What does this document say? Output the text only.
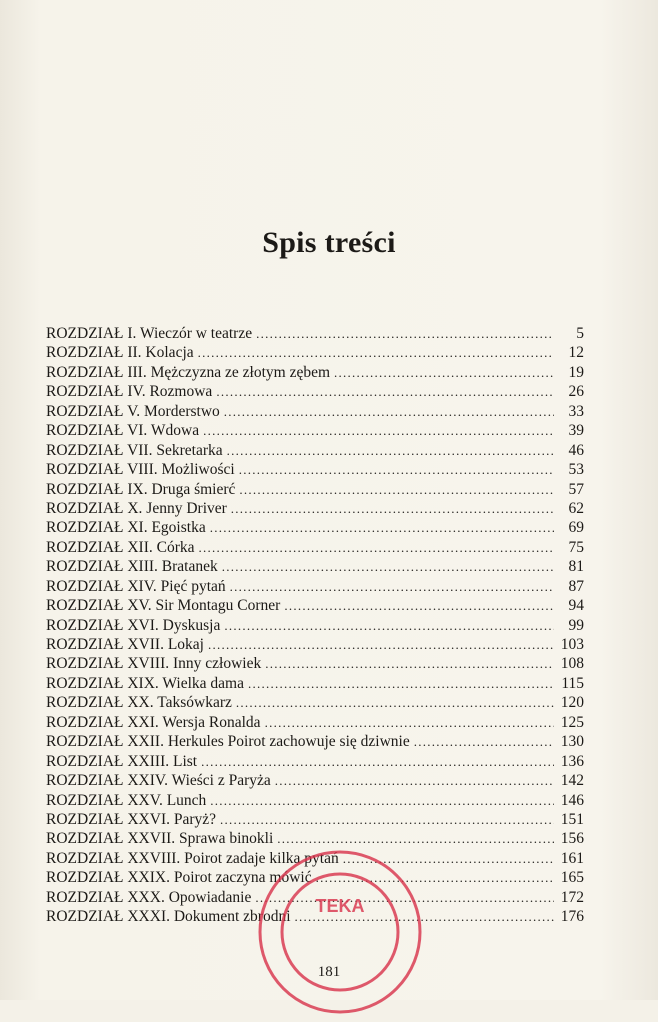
Spis treści
ROZDZIAŁ I. Wieczór w teatrze . . .	5
ROZDZIAŁ II. Kolacja . . .	12
ROZDZIAŁ III. Mężczyzna ze złotym zębem . . .	19
ROZDZIAŁ IV. Rozmowa . . .	26
ROZDZIAŁ V. Morderstwo . . .	33
ROZDZIAŁ VI. Wdowa . . .	39
ROZDZIAŁ VII. Sekretarka . . .	46
ROZDZIAŁ VIII. Możliwości . . .	53
ROZDZIAŁ IX. Druga śmierć . . .	57
ROZDZIAŁ X. Jenny Driver . . .	62
ROZDZIAŁ XI. Egoistka . . .	69
ROZDZIAŁ XII. Córka . . .	75
ROZDZIAŁ XIII. Bratanek . . .	81
ROZDZIAŁ XIV. Pięć pytań . . .	87
ROZDZIAŁ XV. Sir Montagu Corner . . .	94
ROZDZIAŁ XVI. Dyskusja . . .	99
ROZDZIAŁ XVII. Lokaj . . .	103
ROZDZIAŁ XVIII. Inny człowiek . . .	108
ROZDZIAŁ XIX. Wielka dama . . .	115
ROZDZIAŁ XX. Taksówkarz . . .	120
ROZDZIAŁ XXI. Wersja Ronalda . . .	125
ROZDZIAŁ XXII. Herkules Poirot zachowuje się dziwnie . . .	130
ROZDZIAŁ XXIII. List . . .	136
ROZDZIAŁ XXIV. Wieści z Paryża . . .	142
ROZDZIAŁ XXV. Lunch . . .	146
ROZDZIAŁ XXVI. Paryż? . . .	151
ROZDZIAŁ XXVII. Sprawa binokli . . .	156
ROZDZIAŁ XXVIII. Poirot zadaje kilka pytań . . .	161
ROZDZIAŁ XXIX. Poirot zaczyna mówić . . .	165
ROZDZIAŁ XXX. Opowiadanie . . .	172
ROZDZIAŁ XXXI. Dokument zbrodni . . .	176
TEKA
181
